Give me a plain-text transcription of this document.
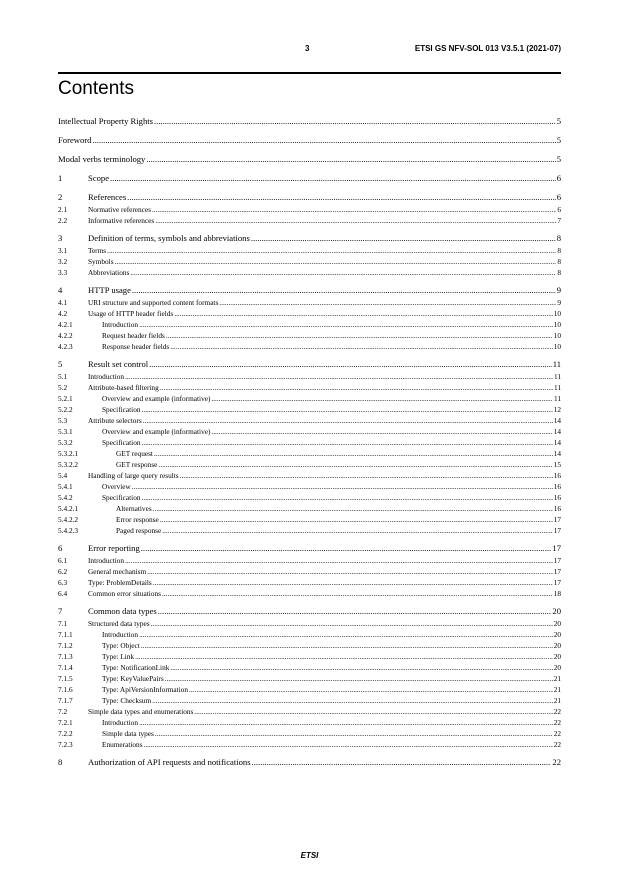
3	ETSI GS NFV-SOL 013 V3.5.1 (2021-07)
Contents
Intellectual Property Rights .....	5
Foreword .....	5
Modal verbs terminology .....	5
1	Scope .....	6
2	References .....	6
2.1	Normative references .....	6
2.2	Informative references .....	7
3	Definition of terms, symbols and abbreviations .....	8
3.1	Terms .....	8
3.2	Symbols .....	8
3.3	Abbreviations .....	8
4	HTTP usage .....	9
4.1	URI structure and supported content formats .....	9
4.2	Usage of HTTP header fields .....	10
4.2.1	Introduction .....	10
4.2.2	Request header fields .....	10
4.2.3	Response header fields .....	10
5	Result set control .....	11
5.1	Introduction .....	11
5.2	Attribute-based filtering .....	11
5.2.1	Overview and example (informative) .....	11
5.2.2	Specification .....	12
5.3	Attribute selectors .....	14
5.3.1	Overview and example (informative) .....	14
5.3.2	Specification .....	14
5.3.2.1	GET request .....	14
5.3.2.2	GET response .....	15
5.4	Handling of large query results .....	16
5.4.1	Overview .....	16
5.4.2	Specification .....	16
5.4.2.1	Alternatives .....	16
5.4.2.2	Error response .....	17
5.4.2.3	Paged response .....	17
6	Error reporting .....	17
6.1	Introduction .....	17
6.2	General mechanism .....	17
6.3	Type: ProblemDetails .....	17
6.4	Common error situations .....	18
7	Common data types .....	20
7.1	Structured data types .....	20
7.1.1	Introduction .....	20
7.1.2	Type: Object .....	20
7.1.3	Type: Link .....	20
7.1.4	Type: NotificationLink .....	20
7.1.5	Type: KeyValuePairs .....	21
7.1.6	Type: ApiVersionInformation .....	21
7.1.7	Type: Checksum .....	21
7.2	Simple data types and enumerations .....	22
7.2.1	Introduction .....	22
7.2.2	Simple data types .....	22
7.2.3	Enumerations .....	22
8	Authorization of API requests and notifications .....	22
ETSI
